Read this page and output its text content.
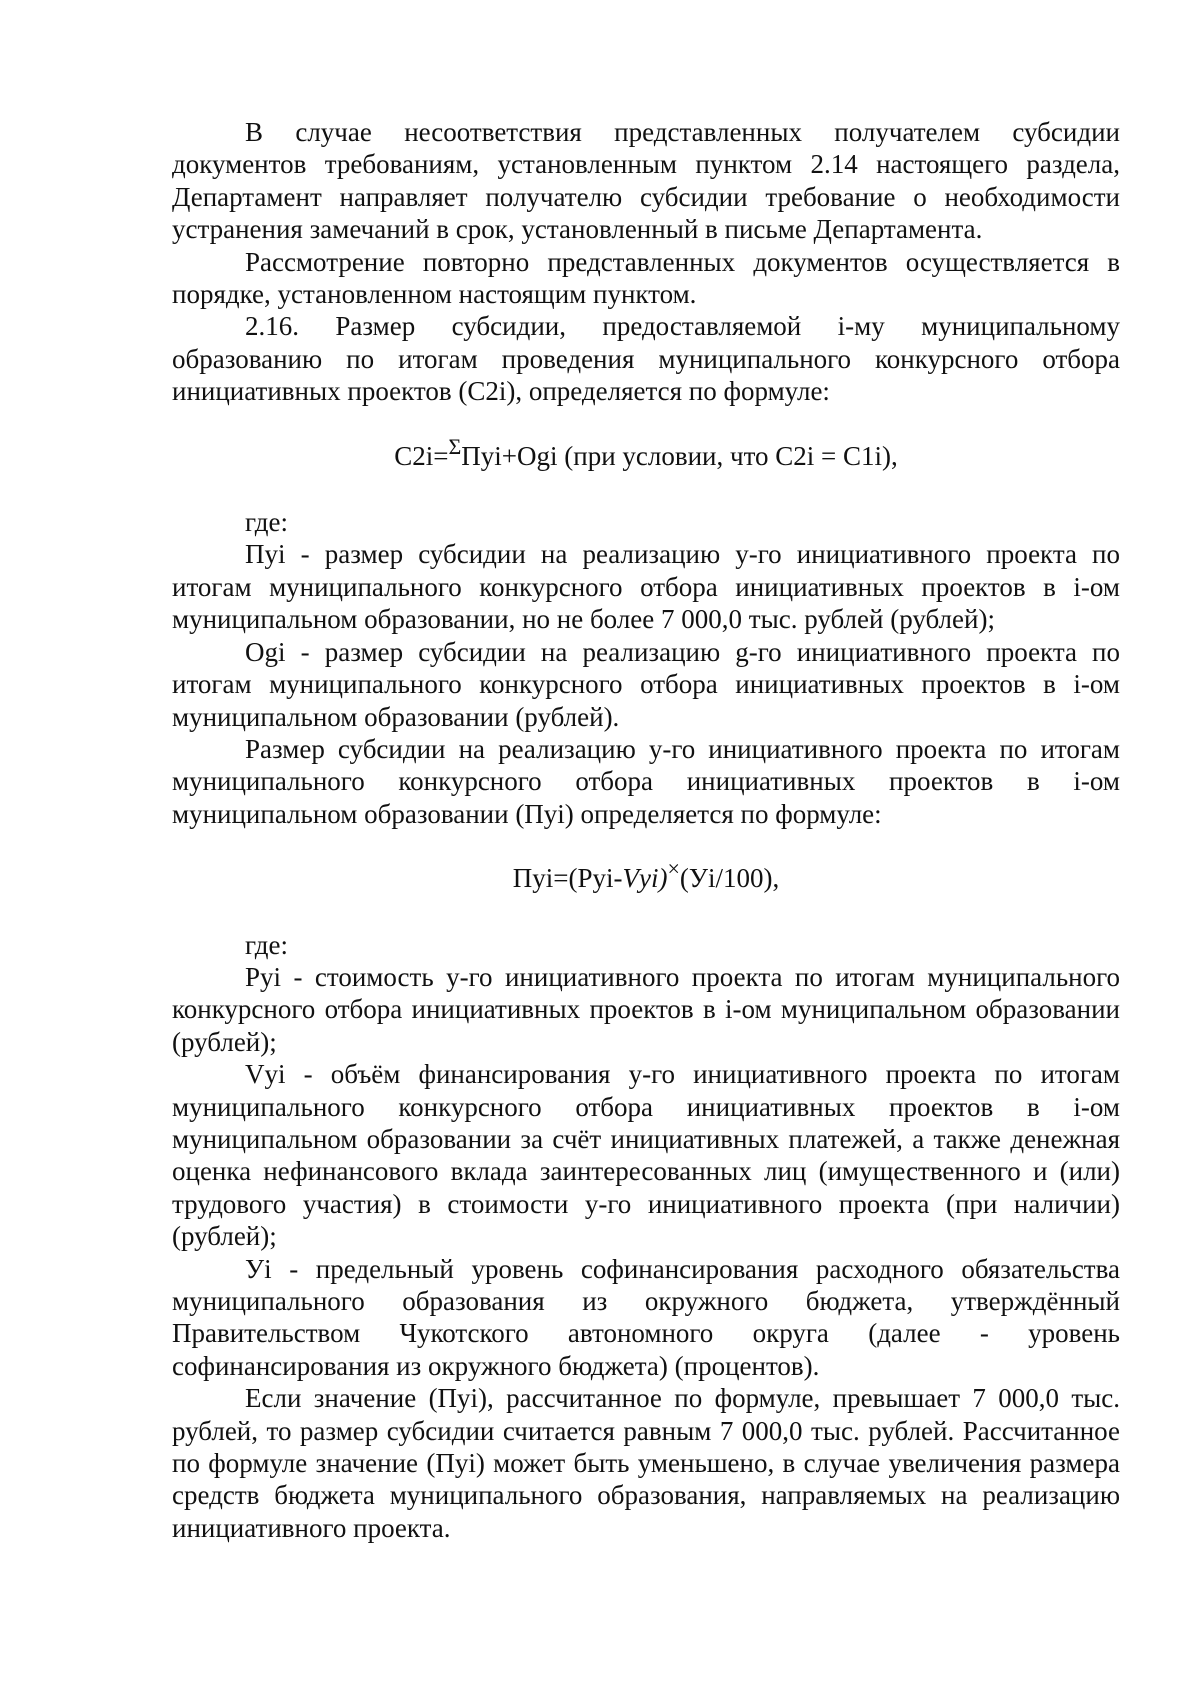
В случае несоответствия представленных получателем субсидии документов требованиям, установленным пунктом 2.14 настоящего раздела, Департамент направляет получателю субсидии требование о необходимости устранения замечаний в срок, установленный в письме Департамента.

Рассмотрение повторно представленных документов осуществляется в порядке, установленном настоящим пунктом.

2.16. Размер субсидии, предоставляемой i-му муниципальному образованию по итогам проведения муниципального конкурсного отбора инициативных проектов (С2i), определяется по формуле:

С2i=$^\Sigma$Пуi+Оgi (при условии, что С2i = С1i),

где:

Пуi - размер субсидии на реализацию у-го инициативного проекта по итогам муниципального конкурсного отбора инициативных проектов в i-ом муниципальном образовании, но не более 7 000,0 тыс. рублей (рублей);

Оgi - размер субсидии на реализацию g-го инициативного проекта по итогам муниципального конкурсного отбора инициативных проектов в i-ом муниципальном образовании (рублей).

Размер субсидии на реализацию у-го инициативного проекта по итогам муниципального конкурсного отбора инициативных проектов в i-ом муниципальном образовании (Пуi) определяется по формуле:

Пуi=(Руi-Vуi)×(Уi/100),

где:

Руi - стоимость у-го инициативного проекта по итогам муниципального конкурсного отбора инициативных проектов в i-ом муниципальном образовании (рублей);

Vуi - объём финансирования у-го инициативного проекта по итогам муниципального конкурсного отбора инициативных проектов в i-ом муниципальном образовании за счёт инициативных платежей, а также денежная оценка нефинансового вклада заинтересованных лиц (имущественного и (или) трудового участия) в стоимости у-го инициативного проекта (при наличии) (рублей);

Уi - предельный уровень софинансирования расходного обязательства муниципального образования из окружного бюджета, утверждённый Правительством Чукотского автономного округа (далее - уровень софинансирования из окружного бюджета) (процентов).

Если значение (Пуi), рассчитанное по формуле, превышает 7 000,0 тыс. рублей, то размер субсидии считается равным 7 000,0 тыс. рублей. Рассчитанное по формуле значение (Пуi) может быть уменьшено, в случае увеличения размера средств бюджета муниципального образования, направляемых на реализацию инициативного проекта.
